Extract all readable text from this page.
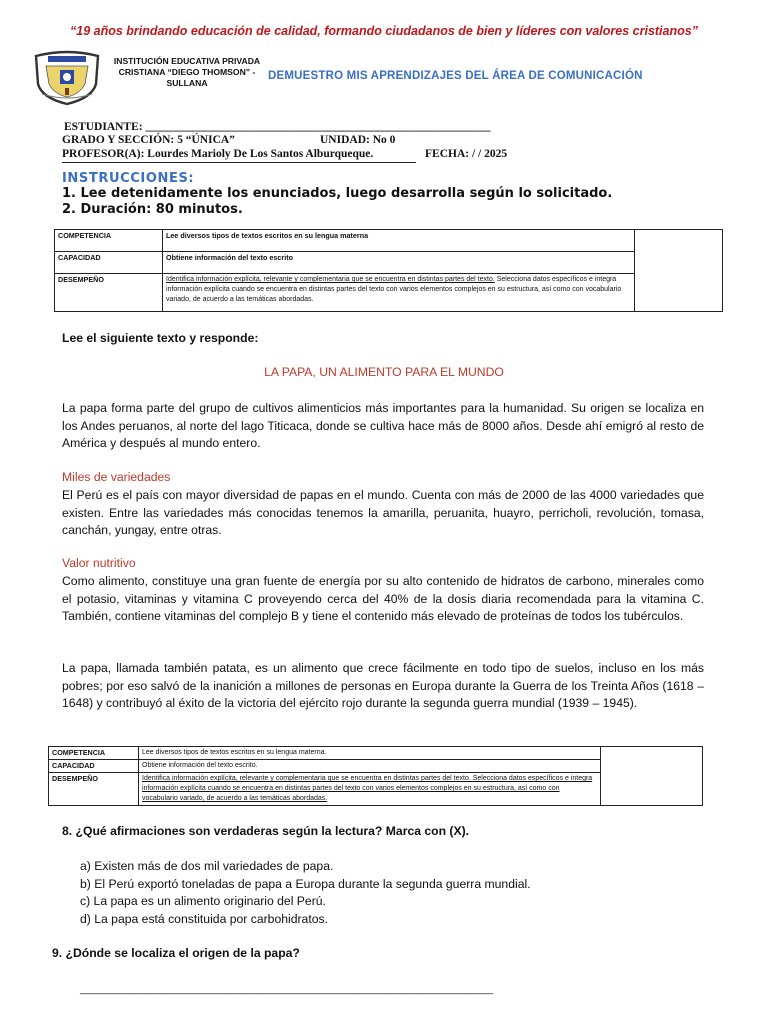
“19 años brindando educación de calidad, formando ciudadanos de bien y líderes con valores cristianos”
INSTITUCIÓN EDUCATIVA PRIVADA
CRISTIANA “DIEGO THOMSON” -
SULLANA
DEMUESTRO MIS APRENDIZAJES DEL ÁREA DE COMUNICACIÓN
ESTUDIANTE: ____________________________________________________________
GRADO Y SECCIÓN: 5 “ÚNICA”	UNIDAD: No 0
PROFESOR(A): Lourdes Marioly De Los Santos Alburqueque.	FECHA: / / 2025
INSTRUCCIONES:
1. Lee detenidamente los enunciados, luego desarrolla según lo solicitado.
2. Duración: 80 minutos.
COMPETENCIA	Lee diversos tipos de textos escritos en su lengua materna	
CAPACIDAD	Obtiene información del texto escrito	
DESEMPEÑO	Identifica información explícita, relevante y complementaria que se encuentra en distintas partes del texto. Selecciona datos específicos e integra información explícita cuando se encuentra en distintas partes del texto con varios elementos complejos en su estructura, así como con vocabulario variado, de acuerdo a las temáticas abordadas.	
Lee el siguiente texto y responde:
LA PAPA, UN ALIMENTO PARA EL MUNDO
La papa forma parte del grupo de cultivos alimenticios más importantes para la humanidad. Su origen se localiza en los Andes peruanos, al norte del lago Titicaca, donde se cultiva hace más de 8000 años. Desde ahí emigró al resto de América y después al mundo entero.
Miles de variedades
El Perú es el país con mayor diversidad de papas en el mundo. Cuenta con más de 2000 de las 4000 variedades que existen. Entre las variedades más conocidas tenemos la amarilla, peruanita, huayro, perricholi, revolución, tomasa, canchán, yungay, entre otras.
Valor nutritivo
Como alimento, constituye una gran fuente de energía por su alto contenido de hidratos de carbono, minerales como el potasio, vitaminas y vitamina C proveyendo cerca del 40% de la dosis diaria recomendada para la vitamina C. También, contiene vitaminas del complejo B y tiene el contenido más elevado de proteínas de todos los tubérculos.
La papa, llamada también patata, es un alimento que crece fácilmente en todo tipo de suelos, incluso en los más pobres; por eso salvó de la inanición a millones de personas en Europa durante la Guerra de los Treinta Años (1618 – 1648) y contribuyó al éxito de la victoria del ejército rojo durante la segunda guerra mundial (1939 – 1945).
COMPETENCIA	Lee diversos tipos de textos escritos en su lengua materna.	
CAPACIDAD	Obtiene información del texto escrito.	
DESEMPEÑO	Identifica información explícita, relevante y complementaria que se encuentra en distintas partes del texto. Selecciona datos específicos e integra información explícita cuando se encuentra en distintas partes del texto con varios elementos complejos en su estructura, así como con vocabulario variado, de acuerdo a las temáticas abordadas.	
8. ¿Qué afirmaciones son verdaderas según la lectura? Marca con (X).
a) Existen más de dos mil variedades de papa.
b) El Perú exportó toneladas de papa a Europa durante la segunda guerra mundial.
c) La papa es un alimento originario del Perú.
d) La papa está constituida por carbohidratos.
9. ¿Dónde se localiza el origen de la papa?
_____________________________________________________________________________
